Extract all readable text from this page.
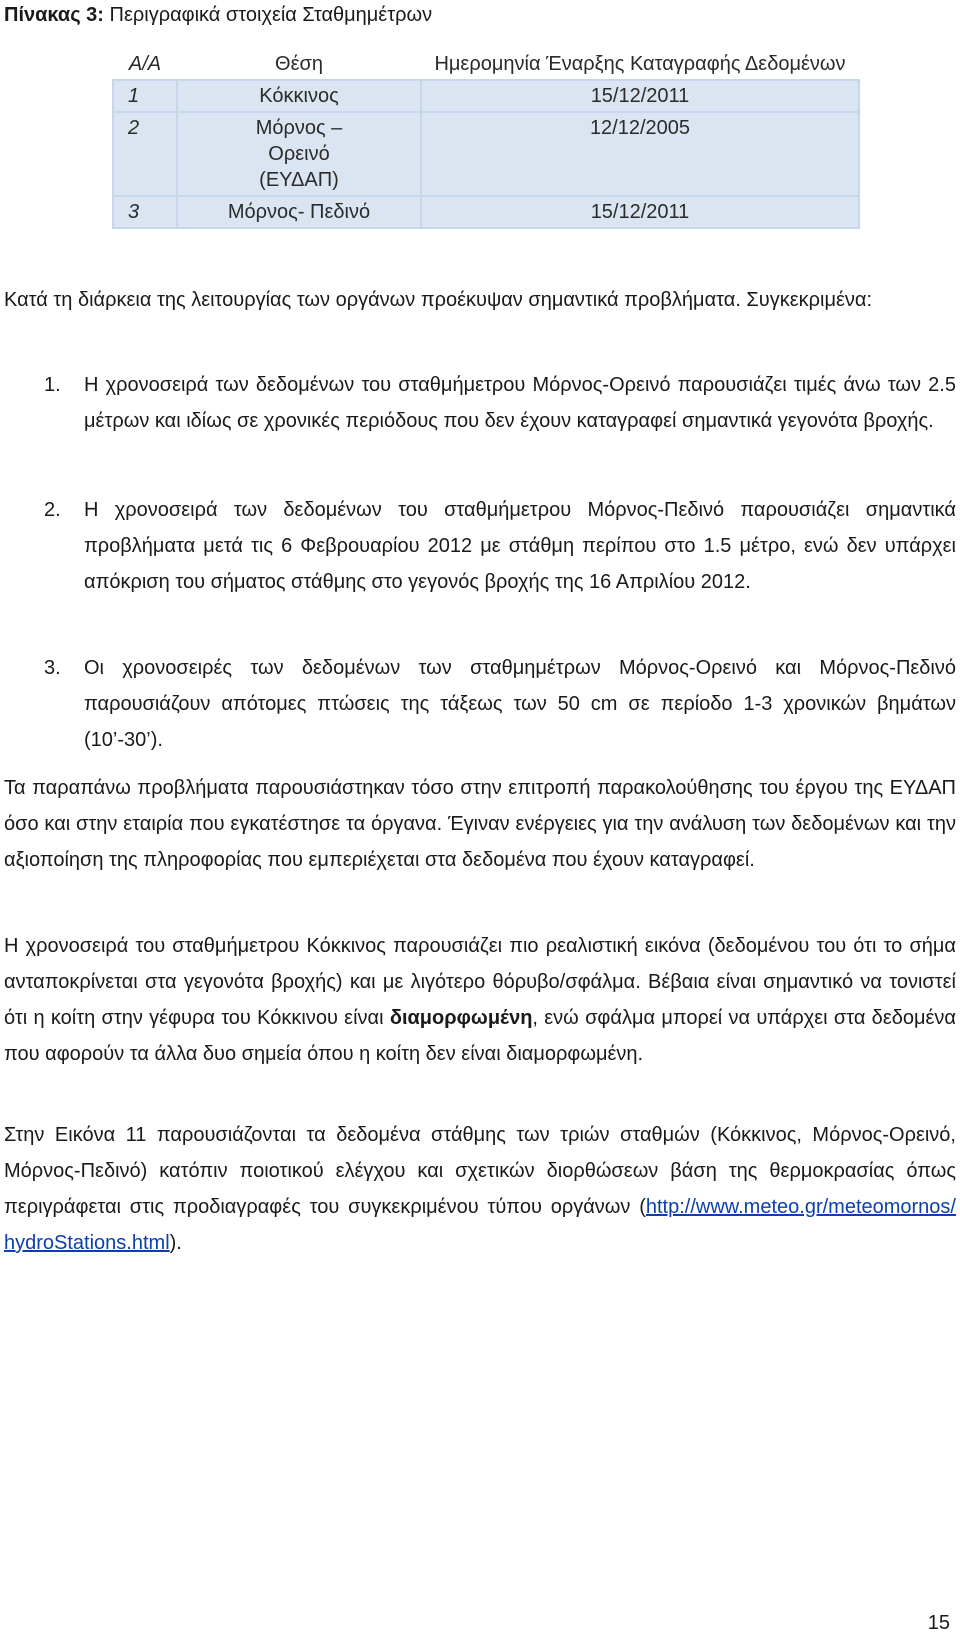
Πίνακας 3: Περιγραφικά στοιχεία Σταθμημέτρων
Α/Α	Θέση	Ημερομηνία Έναρξης Καταγραφής Δεδομένων
1	Κόκκινος	15/12/2011
2	Μόρνος – Ορεινό (ΕΥΔΑΠ)	12/12/2005
3	Μόρνος- Πεδινό	15/12/2011
Κατά τη διάρκεια της λειτουργίας των οργάνων προέκυψαν σημαντικά προβλήματα. Συγκεκριμένα:
1. Η χρονοσειρά των δεδομένων του σταθμήμετρου Μόρνος-Ορεινό παρουσιάζει τιμές άνω των 2.5 μέτρων και ιδίως σε χρονικές περιόδους που δεν έχουν καταγραφεί σημαντικά γεγονότα βροχής.
2. Η χρονοσειρά των δεδομένων του σταθμήμετρου Μόρνος-Πεδινό παρουσιάζει σημαντικά προβλήματα μετά τις 6 Φεβρουαρίου 2012 με στάθμη περίπου στο 1.5 μέτρο, ενώ δεν υπάρχει απόκριση του σήματος στάθμης στο γεγονός βροχής της 16 Απριλίου 2012.
3. Οι χρονοσειρές των δεδομένων των σταθμημέτρων Μόρνος-Ορεινό και Μόρνος-Πεδινό παρουσιάζουν απότομες πτώσεις της τάξεως των 50 cm σε περίοδο 1-3 χρονικών βημάτων (10’-30’).
Τα παραπάνω προβλήματα παρουσιάστηκαν τόσο στην επιτροπή παρακολούθησης του έργου της ΕΥΔΑΠ όσο και στην εταιρία που εγκατέστησε τα όργανα. Έγιναν ενέργειες για την ανάλυση των δεδομένων και την αξιοποίηση της πληροφορίας που εμπεριέχεται στα δεδομένα που έχουν καταγραφεί.
Η χρονοσειρά του σταθμήμετρου Κόκκινος παρουσιάζει πιο ρεαλιστική εικόνα (δεδομένου του ότι το σήμα ανταποκρίνεται στα γεγονότα βροχής) και με λιγότερο θόρυβο/σφάλμα. Βέβαια είναι σημαντικό να τονιστεί ότι η κοίτη στην γέφυρα του Κόκκινου είναι διαμορφωμένη, ενώ σφάλμα μπορεί να υπάρχει στα δεδομένα που αφορούν τα άλλα δυο σημεία όπου η κοίτη δεν είναι διαμορφωμένη.
Στην Εικόνα 11 παρουσιάζονται τα δεδομένα στάθμης των τριών σταθμών (Κόκκινος, Μόρνος-Ορεινό, Μόρνος-Πεδινό) κατόπιν ποιοτικού ελέγχου και σχετικών διορθώσεων βάση της θερμοκρασίας όπως περιγράφεται στις προδιαγραφές του συγκεκριμένου τύπου οργάνων (http://www.meteo.gr/meteomornos/ hydroStations.html).
15
